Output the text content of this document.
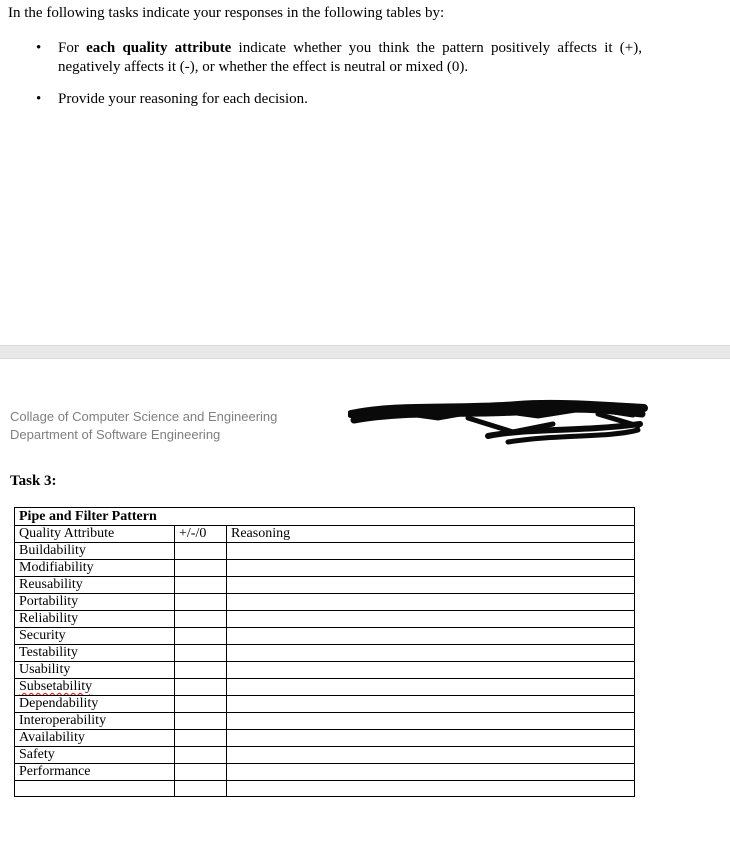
In the following tasks indicate your responses in the following tables by:
•	For each quality attribute indicate whether you think the pattern positively affects it (+), negatively affects it (-), or whether the effect is neutral or mixed (0).
•	Provide your reasoning for each decision.
Collage of Computer Science and Engineering
Department of Software Engineering
Task 3:
Pipe and Filter Pattern		
Quality Attribute	+/-/0	Reasoning
Buildability		
Modifiability		
Reusability		
Portability		
Reliability		
Security		
Testability		
Usability		
Subsetability		
Dependability		
Interoperability		
Availability		
Safety		
Performance		
